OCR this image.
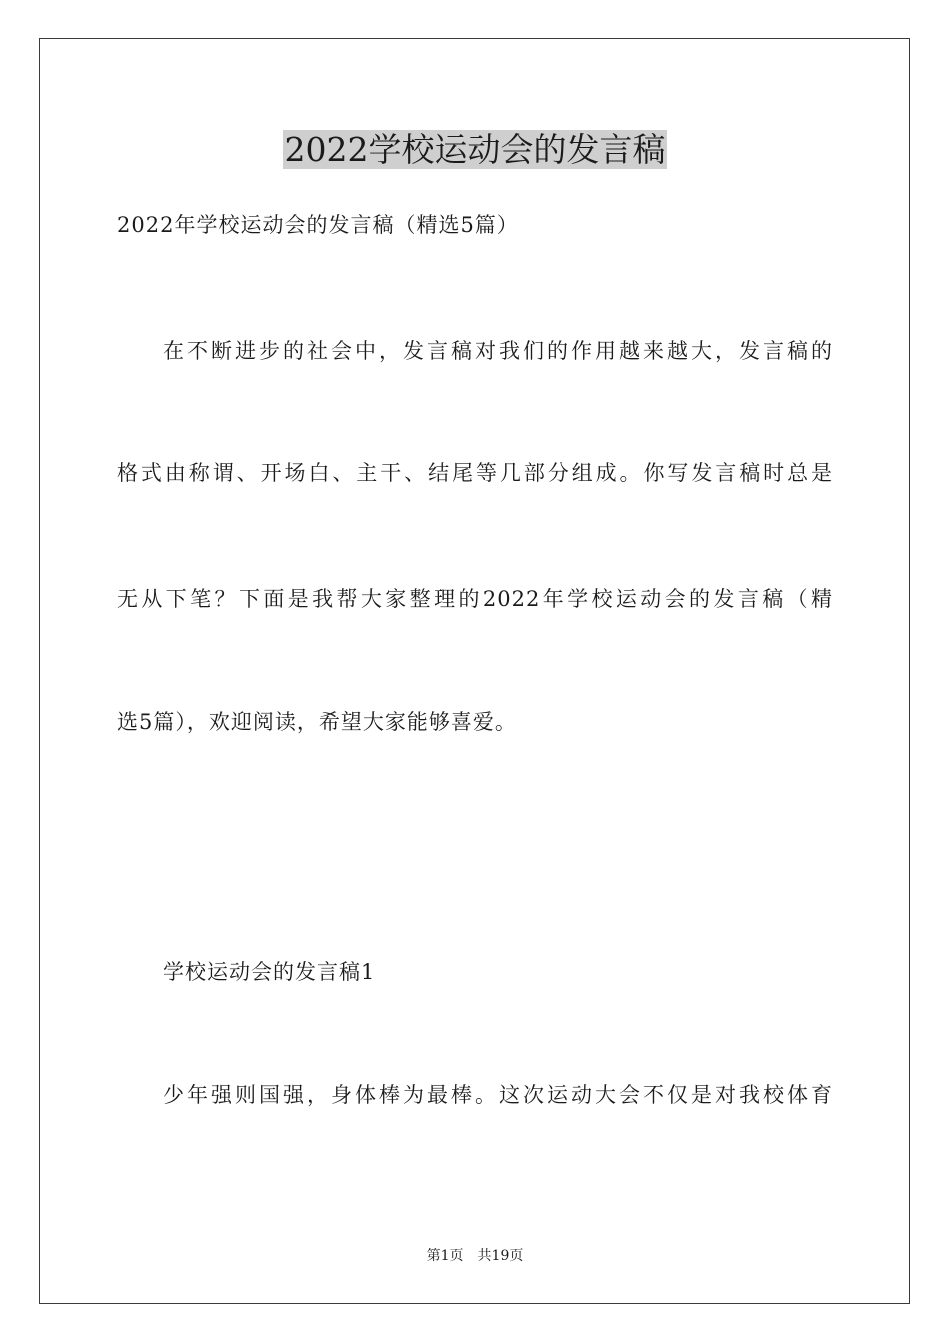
2022学校运动会的发言稿

2022年学校运动会的发言稿（精选5篇）

在不断进步的社会中，发言稿对我们的作用越来越大，发言稿的

格式由称谓、开场白、主干、结尾等几部分组成。你写发言稿时总是

无从下笔？下面是我帮大家整理的2022年学校运动会的发言稿（精

选5篇），欢迎阅读，希望大家能够喜爱。

学校运动会的发言稿1

少年强则国强，身体棒为最棒。这次运动大会不仅是对我校体育

第1页 共19页
